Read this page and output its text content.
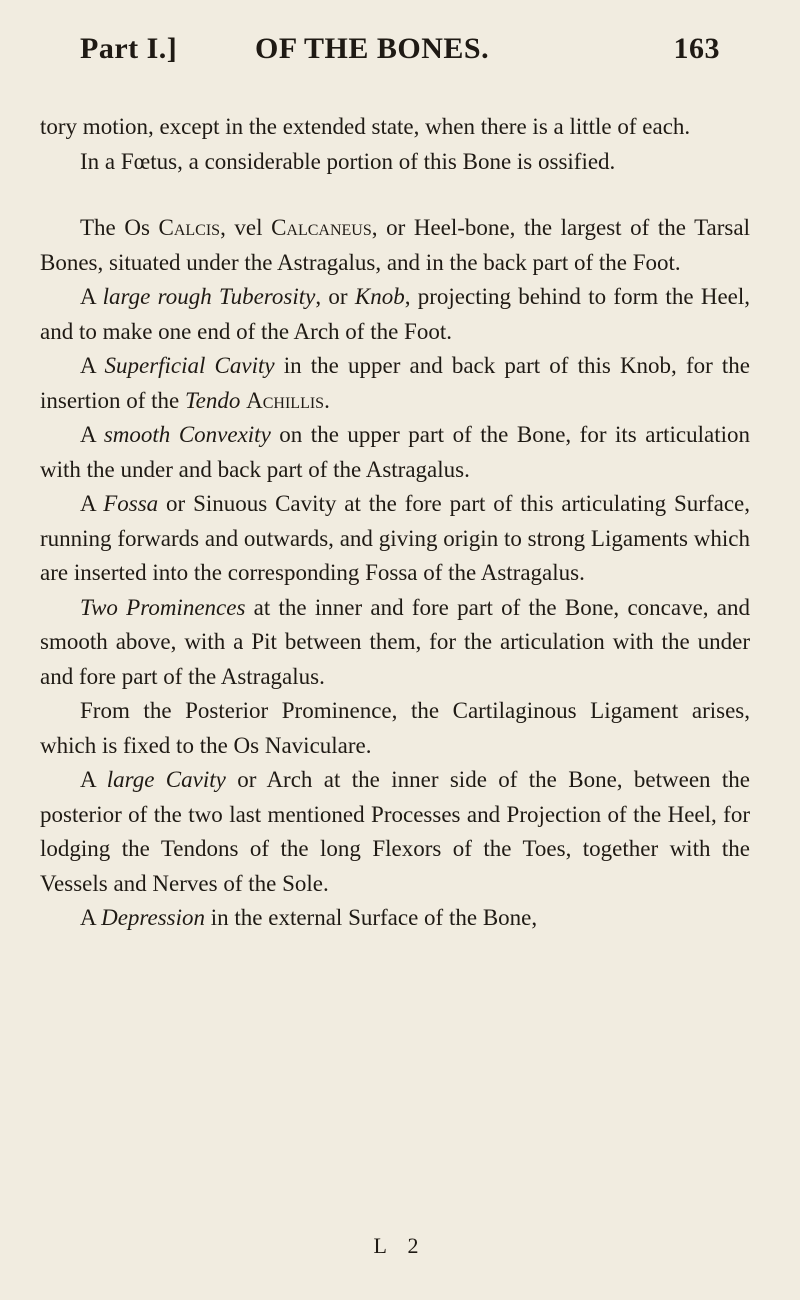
Part I.]	OF THE BONES.	163

tory motion, except in the extended state, when there is a little of each.

In a Fœtus, a considerable portion of this Bone is ossified.

The Os Calcis, vel Calcaneus, or Heel-bone, the largest of the Tarsal Bones, situated under the Astragalus, and in the back part of the Foot.

A large rough Tuberosity, or Knob, projecting behind to form the Heel, and to make one end of the Arch of the Foot.

A Superficial Cavity in the upper and back part of this Knob, for the insertion of the Tendo Achillis.

A smooth Convexity on the upper part of the Bone, for its articulation with the under and back part of the Astragalus.

A Fossa or Sinuous Cavity at the fore part of this articulating Surface, running forwards and outwards, and giving origin to strong Ligaments which are inserted into the corresponding Fossa of the Astragalus.

Two Prominences at the inner and fore part of the Bone, concave, and smooth above, with a Pit between them, for the articulation with the under and fore part of the Astragalus.

From the Posterior Prominence, the Cartilaginous Ligament arises, which is fixed to the Os Naviculare.

A large Cavity or Arch at the inner side of the Bone, between the posterior of the two last mentioned Processes and Projection of the Heel, for lodging the Tendons of the long Flexors of the Toes, together with the Vessels and Nerves of the Sole.

A Depression in the external Surface of the Bone,

L 2
